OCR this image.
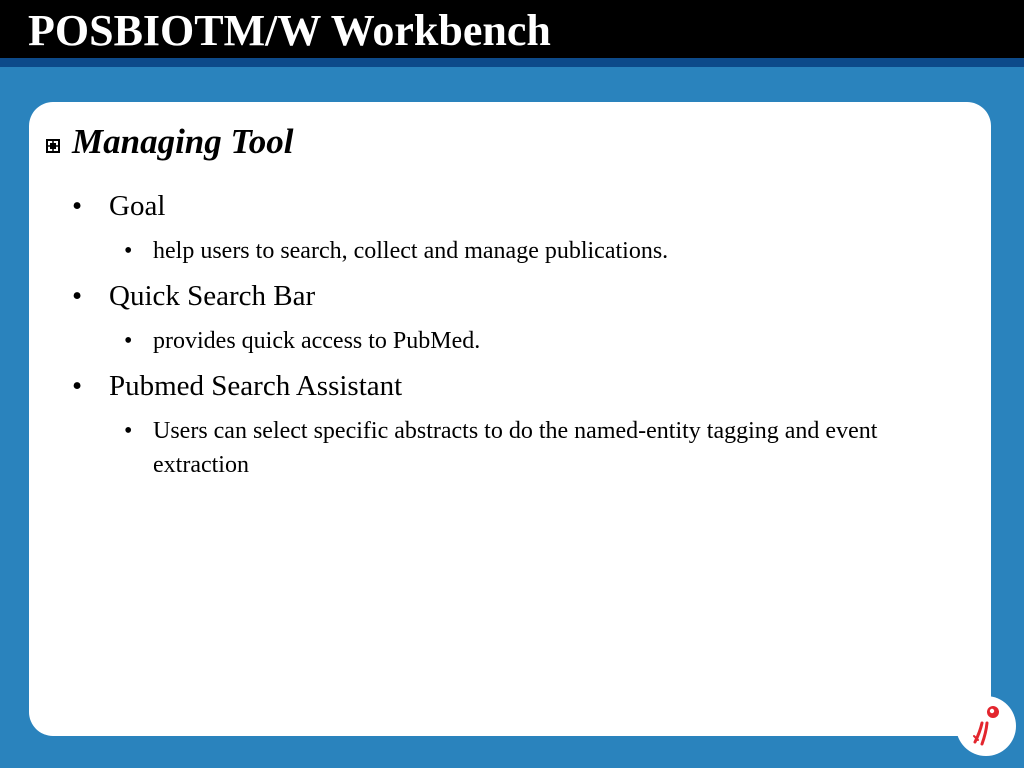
POSBIOTM/W Workbench
Managing Tool
• Goal
• help users to search, collect and manage publications.
• Quick Search Bar
• provides quick access to PubMed.
• Pubmed Search Assistant
• Users can select specific abstracts to do the named-entity tagging and event extraction
